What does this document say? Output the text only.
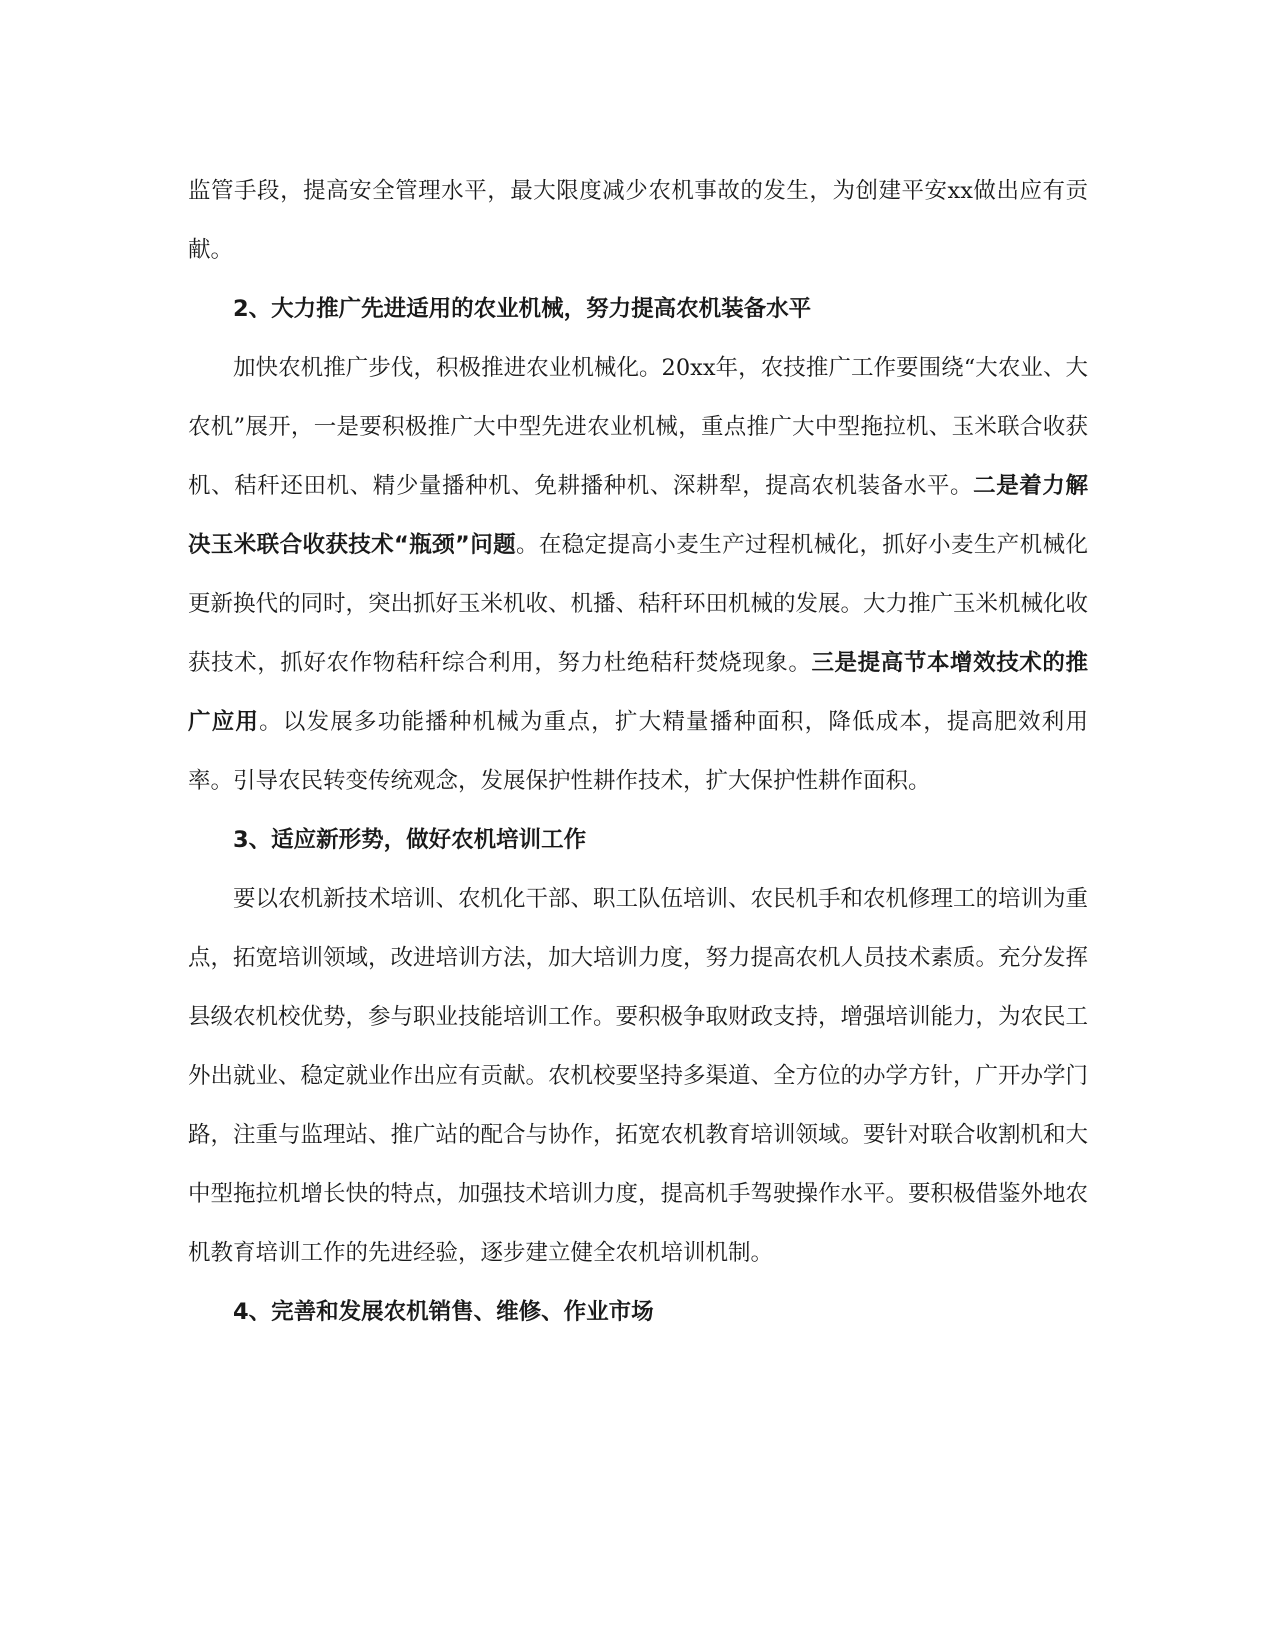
监管手段，提高安全管理水平，最大限度减少农机事故的发生，为创建平安xx做出应有贡献。

2、大力推广先进适用的农业机械，努力提高农机装备水平

加快农机推广步伐，积极推进农业机械化。20xx年，农技推广工作要围绕“大农业、大农机”展开，一是要积极推广大中型先进农业机械，重点推广大中型拖拉机、玉米联合收获机、秸秆还田机、精少量播种机、免耕播种机、深耕犁，提高农机装备水平。二是着力解决玉米联合收获技术“瓶颈”问题。在稳定提高小麦生产过程机械化，抓好小麦生产机械化更新换代的同时，突出抓好玉米机收、机播、秸秆环田机械的发展。大力推广玉米机械化收获技术，抓好农作物秸秆综合利用，努力杜绝秸秆焚烧现象。三是提高节本增效技术的推广应用。以发展多功能播种机械为重点，扩大精量播种面积，降低成本，提高肥效利用率。引导农民转变传统观念，发展保护性耕作技术，扩大保护性耕作面积。

3、适应新形势，做好农机培训工作

要以农机新技术培训、农机化干部、职工队伍培训、农民机手和农机修理工的培训为重点，拓宽培训领域，改进培训方法，加大培训力度，努力提高农机人员技术素质。充分发挥县级农机校优势，参与职业技能培训工作。要积极争取财政支持，增强培训能力，为农民工外出就业、稳定就业作出应有贡献。农机校要坚持多渠道、全方位的办学方针，广开办学门路，注重与监理站、推广站的配合与协作，拓宽农机教育培训领域。要针对联合收割机和大中型拖拉机增长快的特点，加强技术培训力度，提高机手驾驶操作水平。要积极借鉴外地农机教育培训工作的先进经验，逐步建立健全农机培训机制。

4、完善和发展农机销售、维修、作业市场
